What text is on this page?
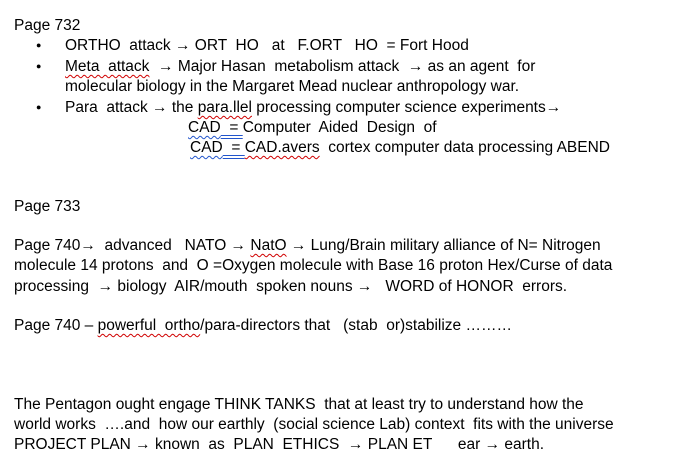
Page 732
●
ORTHO  attack → ORT  HO   at   F.ORT   HO  = Fort Hood
●
Meta  attack  → Major Hasan  metabolism attack  → as an agent  for
molecular biology in the Margaret Mead nuclear anthropology war.
●
Para  attack → the para.llel processing computer science experiments→
CAD  = Computer  Aided  Design  of
CAD  = CAD.avers  cortex computer data processing ABEND
Page 733
Page 740→  advanced   NATO → NatO → Lung/Brain military alliance of N= Nitrogen
molecule 14 protons  and  O =Oxygen molecule with Base 16 proton Hex/Curse of data
processing  → biology  AIR/mouth  spoken nouns →   WORD of HONOR  errors.
Page 740 – powerful  ortho/para-directors that   (stab  or)stabilize ………
The Pentagon ought engage THINK TANKS  that at least try to understand how the
world works  ….and  how our earthly  (social science Lab) context  fits with the universe
PROJECT PLAN → known  as  PLAN  ETHICS  → PLAN ET      ear → earth.
